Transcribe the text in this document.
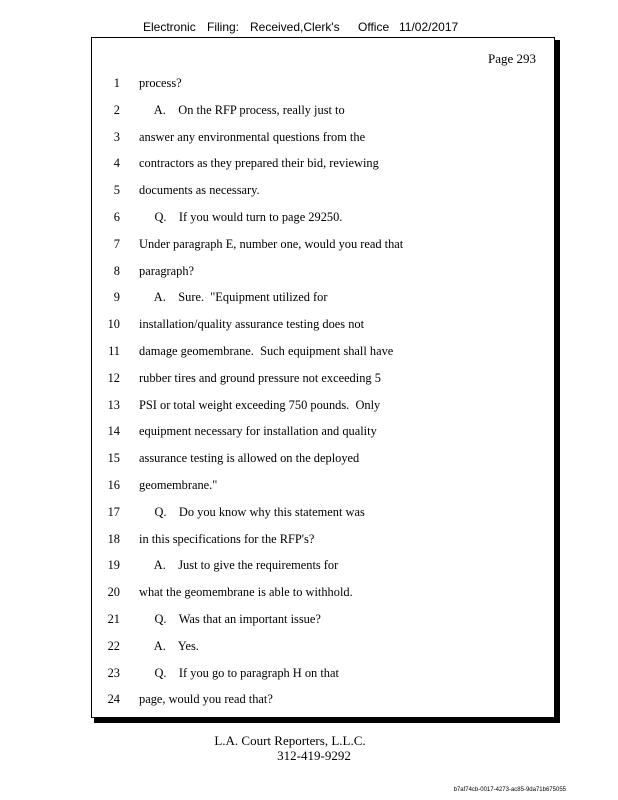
Electronic Filing: Received,Clerk's Office 11/02/2017
Page 293
1 process?
2 A.    On the RFP process, really just to
3 answer any environmental questions from the
4 contractors as they prepared their bid, reviewing
5 documents as necessary.
6 Q.    If you would turn to page 29250.
7 Under paragraph E, number one, would you read that
8 paragraph?
9 A.    Sure.  "Equipment utilized for
10 installation/quality assurance testing does not
11 damage geomembrane.  Such equipment shall have
12 rubber tires and ground pressure not exceeding 5
13 PSI or total weight exceeding 750 pounds.  Only
14 equipment necessary for installation and quality
15 assurance testing is allowed on the deployed
16 geomembrane."
17 Q.    Do you know why this statement was
18 in this specifications for the RFP's?
19 A.    Just to give the requirements for
20 what the geomembrane is able to withhold.
21 Q.    Was that an important issue?
22 A.    Yes.
23 Q.    If you go to paragraph H on that
24 page, would you read that?
L.A. Court Reporters, L.L.C.
312-419-9292
b7af74cb-0017-4273-ac85-9da71b675055
